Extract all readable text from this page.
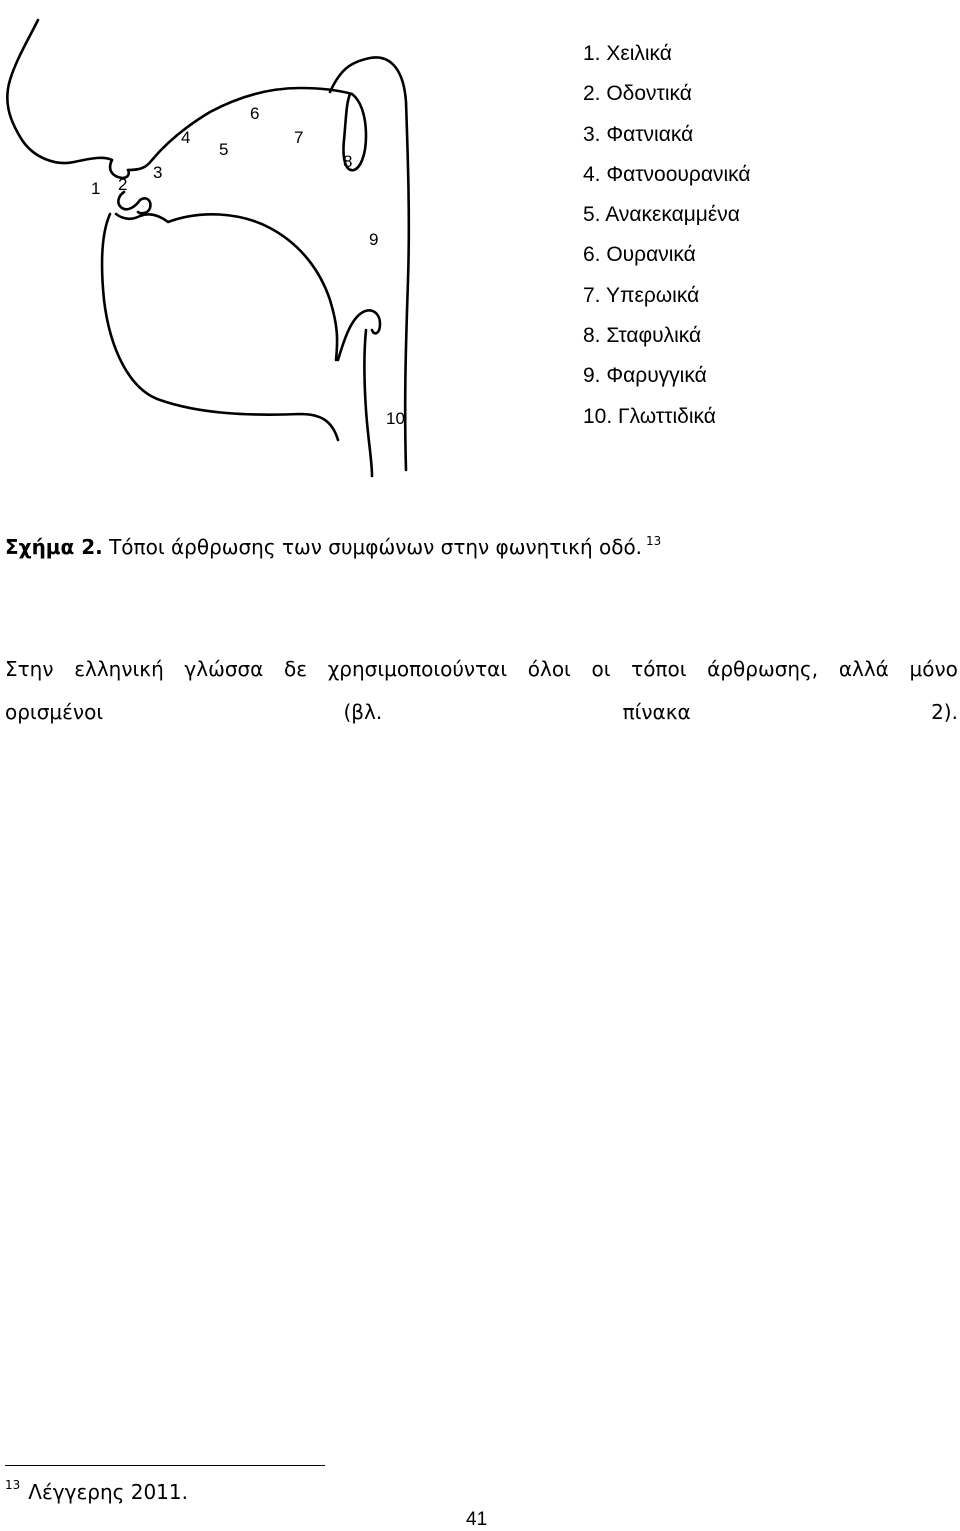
1 2
3
4
5
6
7
8
9
10
1. Χειλικά
2. Οδοντικά
3. Φατνιακά
4. Φατνοουρανικά
5. Ανακεκαμμένα
6. Ουρανικά
7. Υπερωικά
8. Σταφυλικά
9. Φαρυγγικά
10. Γλωττιδικά
Σχήμα 2. Τόποι άρθρωσης των συμφώνων στην φωνητική οδό. $^{13}$
Στην ελληνική γλώσσα δε χρησιμοποιούνται όλοι οι τόποι άρθρωσης, αλλά μόνο
ορισμένοι	(βλ.	πίνακα	2).
$^{13}$ Λέγγερης 2011.
41
